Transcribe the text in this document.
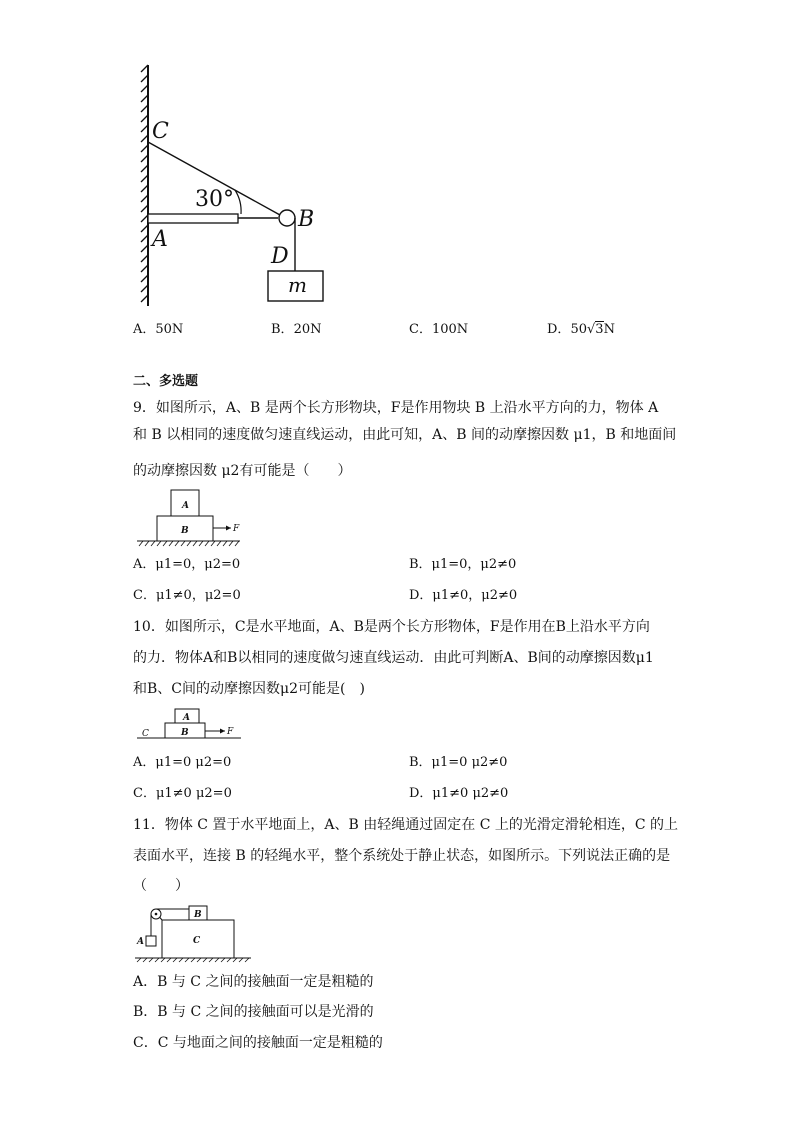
C
30°
B
A
D
m
A．50N	B．20N	C．100N	D．50√
3N
二、多选题
9．如图所示，A、B 是两个长方形物块，F是作用物块 B 上沿水平方向的力，物体 A
和 B 以相同的速度做匀速直线运动，由此可知，A、B 间的动摩擦因数 μ1，B 和地面间
的动摩擦因数 μ2有可能是（　　）
A
B	F
A．μ1=0，μ2=0	B．μ1=0，μ2≠0
C．μ1≠0，μ2=0	D．μ1≠0，μ2≠0
10．如图所示，C是水平地面，A、B是两个长方形物体，F是作用在B上沿水平方向
的力．物体A和B以相同的速度做匀速直线运动．由此可判断A、B间的动摩擦因数μ1
和B、C间的动摩擦因数μ2可能是(　)
A
B
C	F
A．μ1=0 μ2=0	B．μ1=0 μ2≠0
C．μ1≠0 μ2=0	D．μ1≠0 μ2≠0
11．物体 C 置于水平地面上，A、B 由轻绳通过固定在 C 上的光滑定滑轮相连，C 的上
表面水平，连接 B 的轻绳水平，整个系统处于静止状态，如图所示。下列说法正确的是
（　　）
B
C
A
A．B 与 C 之间的接触面一定是粗糙的
B．B 与 C 之间的接触面可以是光滑的
C．C 与地面之间的接触面一定是粗糙的
